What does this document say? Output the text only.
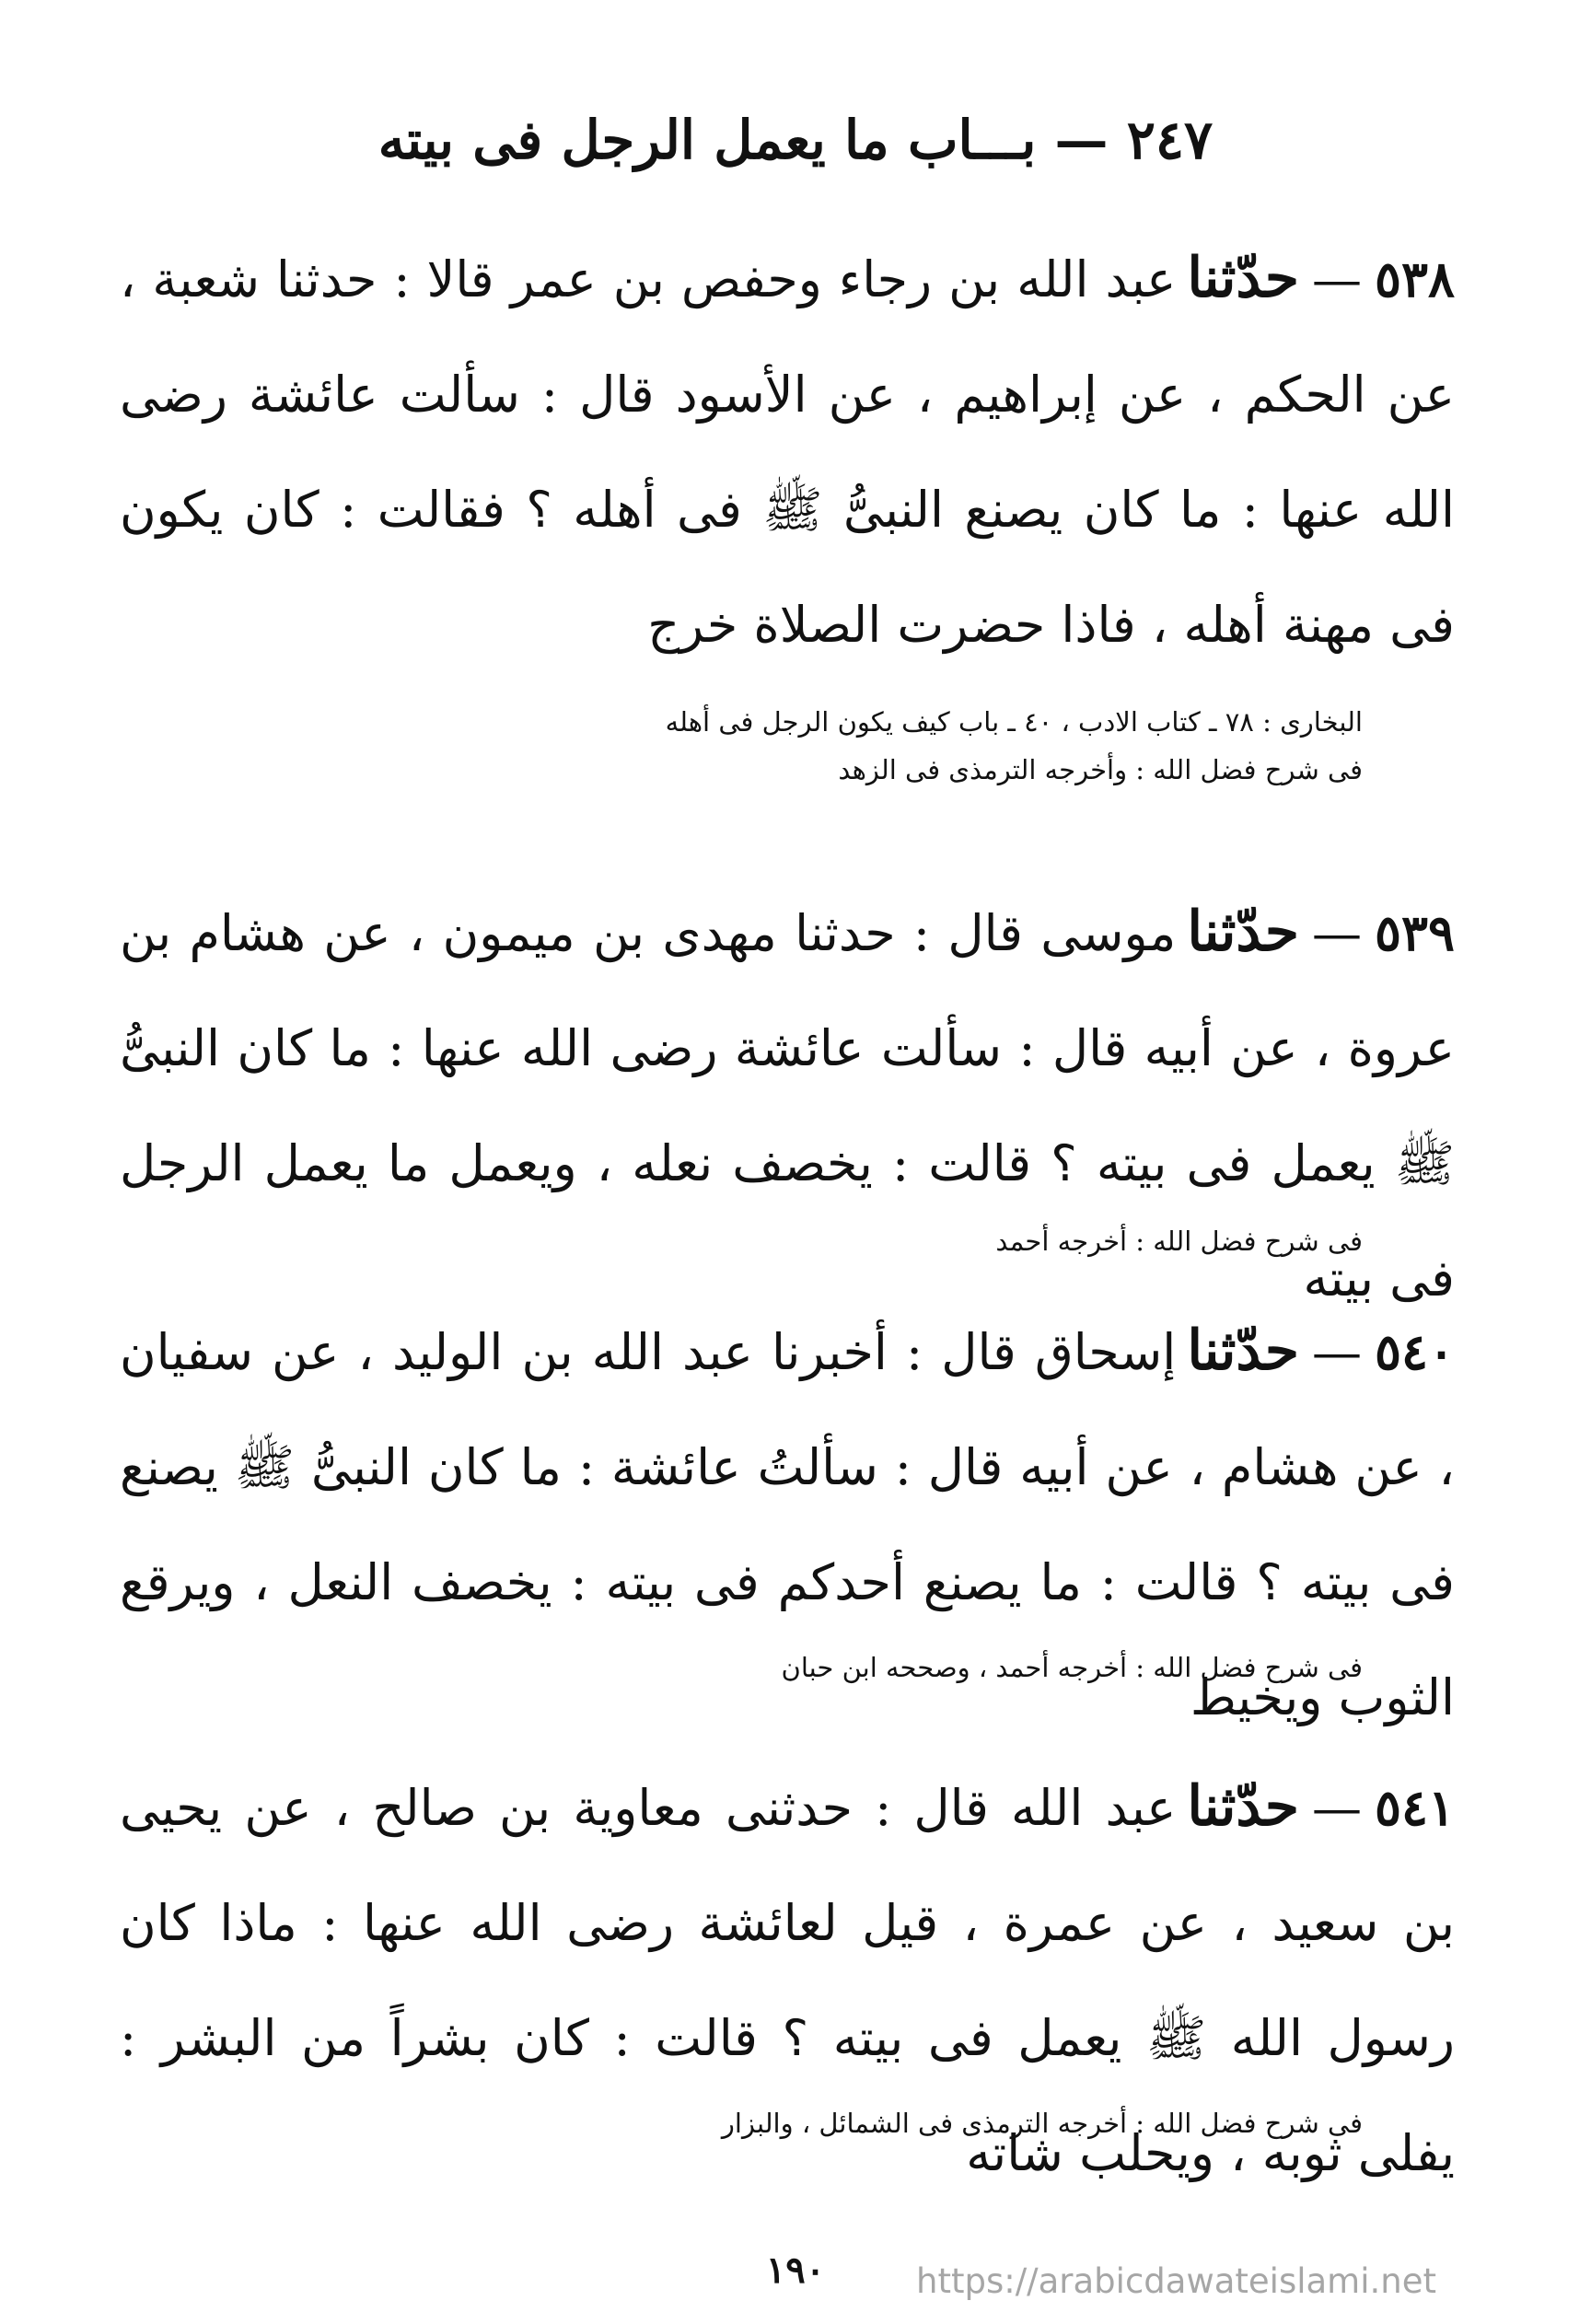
٢٤٧ — بـــاب ما يعمل الرجل فى بيته

٥٣٨—حدّثناعبد الله بن رجاء وحفص بن عمر قالا : حدثنا شعبة ، عن الحكم ، عن إبراهيم ، عن الأسود قال : سألت عائشة رضى الله عنها : ما كان يصنع النبىُّ ﷺ فى أهله ؟ فقالت : كان يكون فى مهنة أهله ، فاذا حضرت الصلاة خرج

البخارى : ٧٨ ـ كتاب الادب ، ٤٠ ـ باب كيف يكون الرجل فى أهله
فى شرح فضل الله : وأخرجه الترمذى فى الزهد

٥٣٩—حدّثناموسى قال : حدثنا مهدى بن ميمون ، عن هشام بن عروة ، عن أبيه قال : سألت عائشة رضى الله عنها : ما كان النبىُّ ﷺ يعمل فى بيته ؟ قالت : يخصف نعله ، ويعمل ما يعمل الرجل فى بيته

فى شرح فضل الله : أخرجه أحمد

٥٤٠—حدّثناإسحاق قال : أخبرنا عبد الله بن الوليد ، عن سفيان ، عن هشام ، عن أبيه قال : سألتُ عائشة : ما كان النبىُّ ﷺ يصنع فى بيته ؟ قالت : ما يصنع أحدكم فى بيته : يخصف النعل ، ويرقع الثوب ويخيط

فى شرح فضل الله : أخرجه أحمد ، وصححه ابن حبان

٥٤١—حدّثناعبد الله قال : حدثنى معاوية بن صالح ، عن يحيى بن سعيد ، عن عمرة ، قيل لعائشة رضى الله عنها : ماذا كان رسول الله ﷺ يعمل فى بيته ؟ قالت : كان بشراً من البشر : يفلى ثوبه ، ويحلب شاته

فى شرح فضل الله : أخرجه الترمذى فى الشمائل ، والبزار
١٩٠	https://arabicdawateislami.net
